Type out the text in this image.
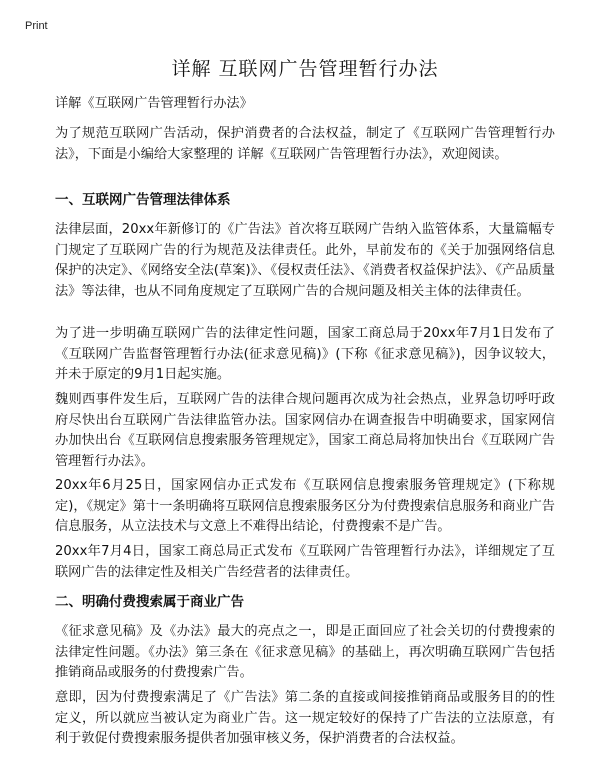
Print
详解 互联网广告管理暂行办法

详解《互联网广告管理暂行办法》

为了规范互联网广告活动，保护消费者的合法权益，制定了《互联网广告管理暂行办法》，下面是小编给大家整理的 详解《互联网广告管理暂行办法》，欢迎阅读。

一、互联网广告管理法律体系

法律层面，20xx年新修订的《广告法》首次将互联网广告纳入监管体系，大量篇幅专门规定了互联网广告的行为规范及法律责任。此外，早前发布的《关于加强网络信息保护的决定》、《网络安全法(草案)》、《侵权责任法》、《消费者权益保护法》、《产品质量法》等法律，也从不同角度规定了互联网广告的合规问题及相关主体的法律责任。

为了进一步明确互联网广告的法律定性问题，国家工商总局于20xx年7月1日发布了《互联网广告监督管理暂行办法(征求意见稿)》(下称《征求意见稿》)，因争议较大，并未于原定的9月1日起实施。

魏则西事件发生后，互联网广告的法律合规问题再次成为社会热点，业界急切呼吁政府尽快出台互联网广告法律监管办法。国家网信办在调查报告中明确要求，国家网信办加快出台《互联网信息搜索服务管理规定》，国家工商总局将加快出台《互联网广告管理暂行办法》。

20xx年6月25日，国家网信办正式发布《互联网信息搜索服务管理规定》(下称规定)，《规定》第十一条明确将互联网信息搜索服务区分为付费搜索信息服务和商业广告信息服务，从立法技术与文意上不难得出结论，付费搜索不是广告。

20xx年7月4日，国家工商总局正式发布《互联网广告管理暂行办法》，详细规定了互联网广告的法律定性及相关广告经营者的法律责任。

二、明确付费搜索属于商业广告

《征求意见稿》及《办法》最大的亮点之一，即是正面回应了社会关切的付费搜索的法律定性问题。《办法》第三条在《征求意见稿》的基础上，再次明确互联网广告包括推销商品或服务的付费搜索广告。

意即，因为付费搜索满足了《广告法》第二条的直接或间接推销商品或服务目的的性定义，所以就应当被认定为商业广告。这一规定较好的保持了广告法的立法原意，有利于敦促付费搜索服务提供者加强审核义务，保护消费者的合法权益。
